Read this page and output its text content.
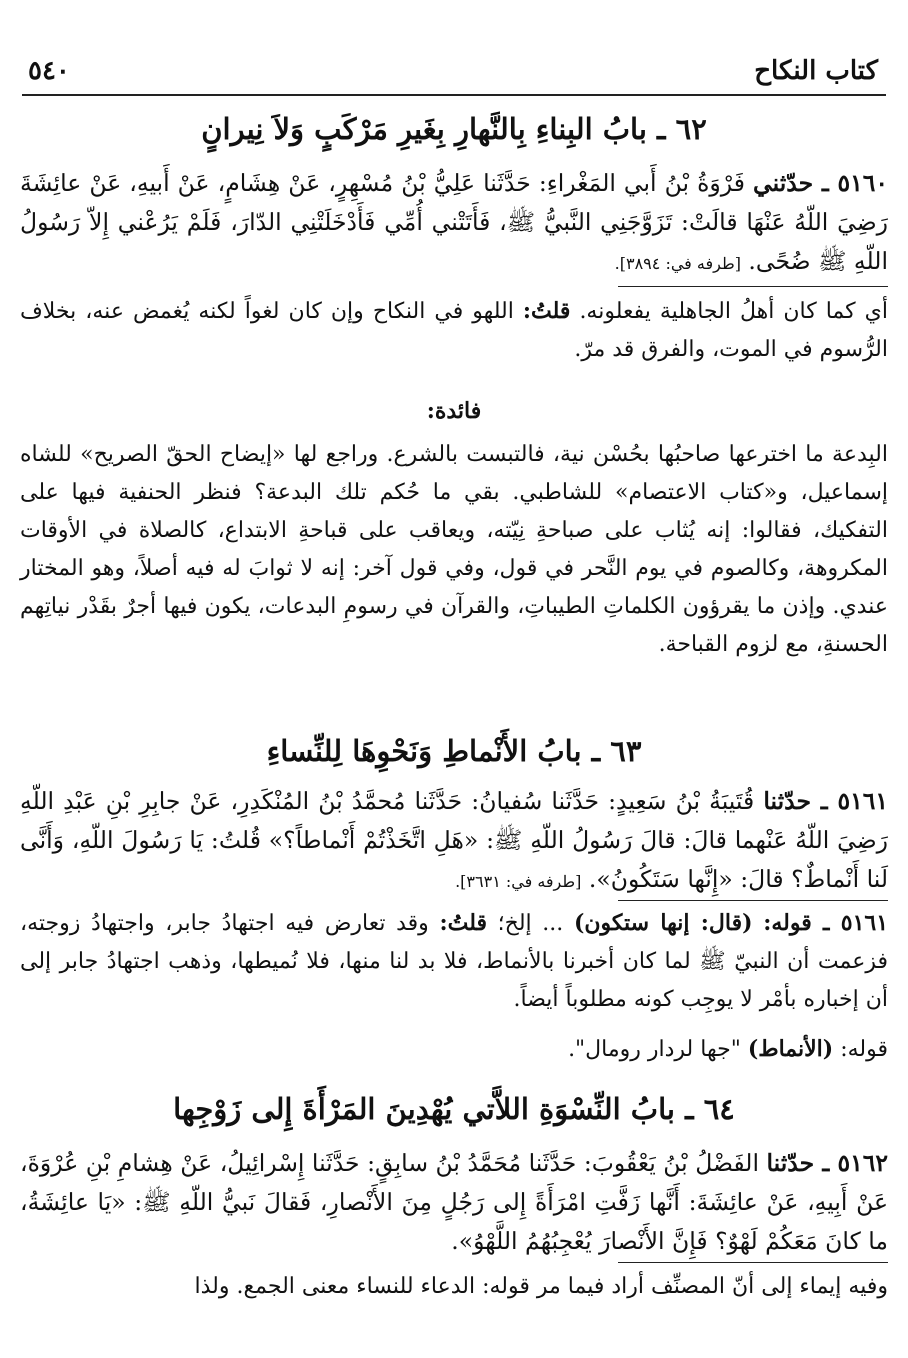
كتاب النكاح
٥٤٠
٦٢ ـ بابُ البِناءِ بِالنَّهارِ بِغَيرِ مَرْكَبٍ وَلاَ نِيرانٍ
٥١٦٠ ـ حدّثني فَرْوَةُ بْنُ أَبي المَغْراءِ: حَدَّثَنا عَلِيُّ بْنُ مُسْهِرٍ، عَنْ هِشَامٍ، عَنْ أَبيهِ، عَنْ عائِشَةَ رَضِيَ اللّهُ عَنْهَا قالَتْ: تَزَوَّجَنِي النَّبيُّ ﷺ، فَأَتَتْني أُمِّي فَأَدْخَلَتْنِي الدّارَ، فَلَمْ يَرُعْني إِلاّ رَسُولُ اللّهِ ﷺ ضُحًى. [طرفه في: ٣٨٩٤].
أي كما كان أهلُ الجاهلية يفعلونه. قلتُ: اللهو في النكاح وإن كان لغواً لكنه يُغمض عنه، بخلاف الرُّسوم في الموت، والفرق قد مرّ.
فائدة:
البِدعة ما اخترعها صاحبُها بحُسْن نية، فالتبست بالشرع. وراجع لها «إيضاح الحقّ الصريح» للشاه إسماعيل، و«كتاب الاعتصام» للشاطبي. بقي ما حُكم تلك البدعة؟ فنظر الحنفية فيها على التفكيك، فقالوا: إنه يُثاب على صباحةِ نِيّته، ويعاقب على قباحةِ الابتداع، كالصلاة في الأوقات المكروهة، وكالصوم في يوم النَّحر في قول، وفي قول آخر: إنه لا ثوابَ له فيه أصلاً، وهو المختار عندي. وإذن ما يقرؤون الكلماتِ الطيباتِ، والقرآن في رسومِ البدعات، يكون فيها أجرٌ بقَدْر نياتِهم الحسنةِ، مع لزوم القباحة.
٦٣ ـ بابُ الأَنْماطِ وَنَحْوِهَا لِلنِّساءِ
٥١٦١ ـ حدّثنا قُتَيبَةُ بْنُ سَعِيدٍ: حَدَّثَنا سُفيانُ: حَدَّثَنا مُحمَّدُ بْنُ المُنْكَدِرِ، عَنْ جابِرِ بْنِ عَبْدِ اللّهِ رَضِيَ اللّهُ عَنْهما قالَ: قالَ رَسُولُ اللّهِ ﷺ: «هَلِ اتَّخَذْتُمْ أَنْماطاً؟» قُلتُ: يَا رَسُولَ اللّهِ، وَأَنَّى لَنا أَنْماطٌ؟ قالَ: «إِنَّها سَتَكُونُ». [طرفه في: ٣٦٣١].
٥١٦١ ـ قوله: (قال: إنها ستكون) ... إلخ؛ قلتُ: وقد تعارض فيه اجتهادُ جابر، واجتهادُ زوجته، فزعمت أن النبيّ ﷺ لما كان أخبرنا بالأنماط، فلا بد لنا منها، فلا نُميطها، وذهب اجتهادُ جابر إلى أن إخباره بأمْر لا يوجِب كونه مطلوباً أيضاً.
قوله: (الأنماط) "جها لردار رومال".
٦٤ ـ بابُ النِّسْوَةِ اللاَّتي يُهْدِينَ المَرْأَةَ إِلى زَوْجِها
٥١٦٢ ـ حدّثنا الفَضْلُ بْنُ يَعْقُوبَ: حَدَّثَنا مُحَمَّدُ بْنُ سابِقٍ: حَدَّثَنا إِسْرائِيلُ، عَنْ هِشامِ بْنِ عُرْوَةَ، عَنْ أَبِيهِ، عَنْ عائِشَةَ: أَنَّها زَفَّتِ امْرَأَةً إِلى رَجُلٍ مِنَ الأَنْصارِ، فَقالَ نَبيُّ اللّهِ ﷺ: «يَا عائِشَةُ، ما كانَ مَعَكُمْ لَهْوٌ؟ فَإِنَّ الأَنْصارَ يُعْجِبُهُمُ اللَّهْوُ».
وفيه إيماء إلى أنّ المصنِّف أراد فيما مر قوله: الدعاء للنساء معنى الجمع. ولذا
